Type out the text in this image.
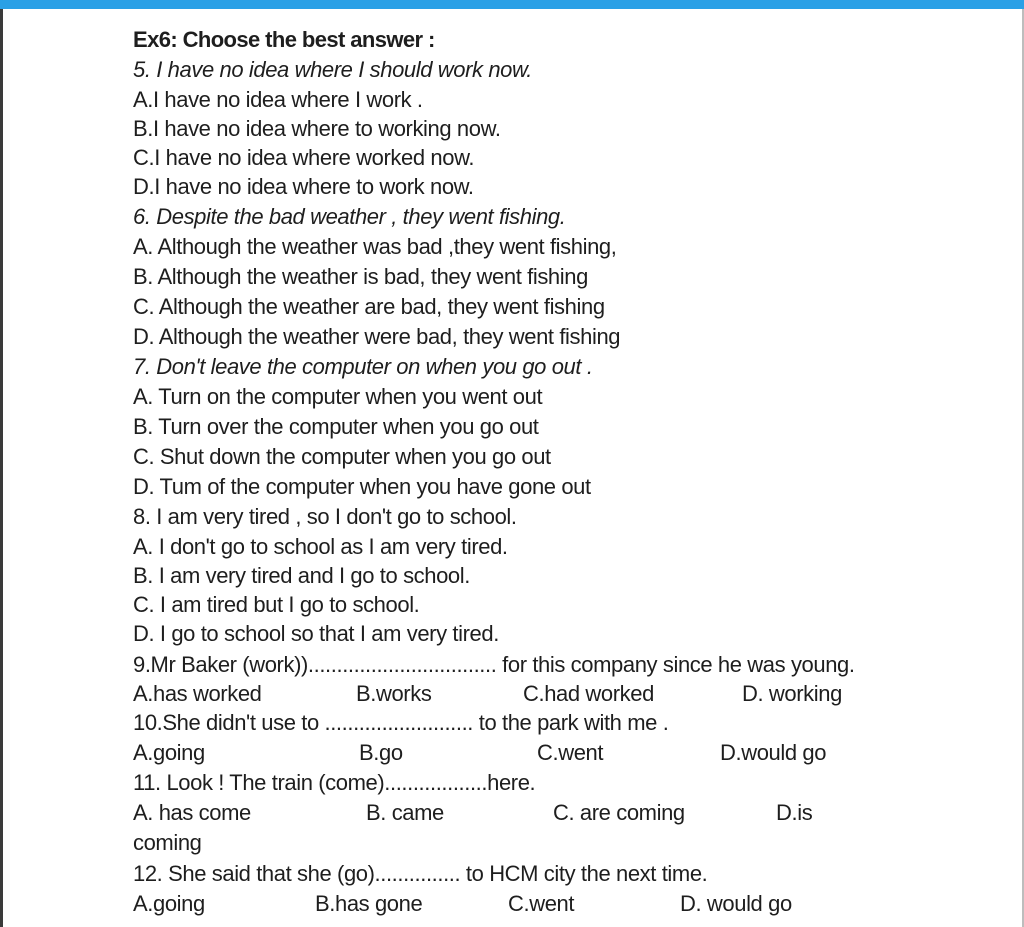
Ex6: Choose the best answer :

5. I have no idea where I should work now.

A.I have no idea where I work .

B.I have no idea where to working now.

C.I have no idea where worked now.

D.I have no idea where to work now.

6. Despite the bad weather , they went fishing.

A. Although the weather was bad ,they went fishing,

B. Although the weather is bad, they went fishing

C. Although the weather are bad, they went fishing

D. Although the weather were bad, they went fishing

7. Don't leave the computer on when you go out .

A. Turn on the computer when you went out

B. Turn over the computer when you go out

C. Shut down the computer when you go out

D. Tum of the computer when you have gone out

8. I am very tired , so I don't go to school.

A. I don't go to school as I am very tired.

B. I am very tired and I go to school.

C. I am tired but I go to school.

D. I go to school so that I am very tired.

9.Mr Baker (work))................................. for this company since he was young.

A.has worked	B.works	C.had worked	D. working

10.She didn't use to .......................... to the park with me .

A.going	B.go	C.went	D.would go

11. Look ! The train (come)..................here.

A. has come	B. came	C. are coming	D.is

coming

12. She said that she (go)............... to HCM city the next time.

A.going	B.has gone	C.went	D. would go
